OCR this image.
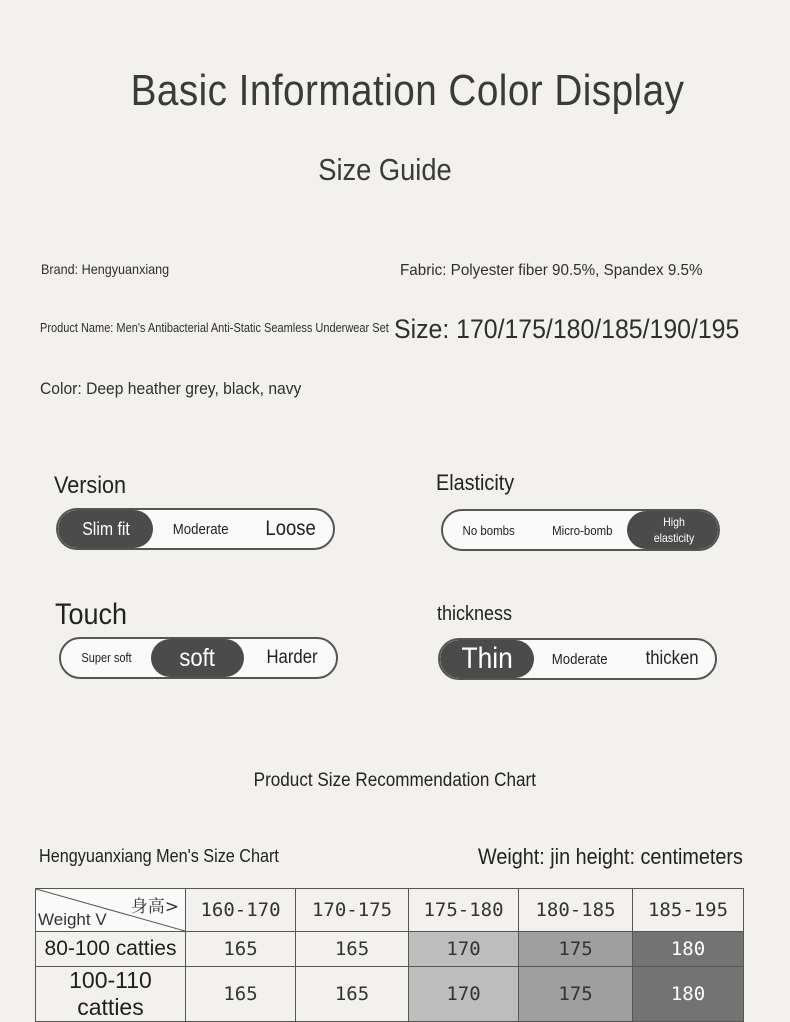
Basic Information Color Display
Size Guide
Brand: Hengyuanxiang	Fabric: Polyester fiber 90.5%, Spandex 9.5%
Product Name: Men's Antibacterial Anti-Static Seamless Underwear Set Size: 170/175/180/185/190/195
Color: Deep heather grey, black, navy
Version
Slim fit	Moderate Loose
Elasticity
No bombs	Micro-bomb
High elasticity
Touch
Super soft soft	Harder
thickness
Thin	Moderate thicken
Product Size Recommendation Chart
Hengyuanxiang Men's Size Chart	Weight: jin height: centimeters
身高>
Weight V	160-170	170-175	175-180	180-185	185-195
80-100 catties	165	165	170	175	180
100-110 catties	165	165	170	175	180
